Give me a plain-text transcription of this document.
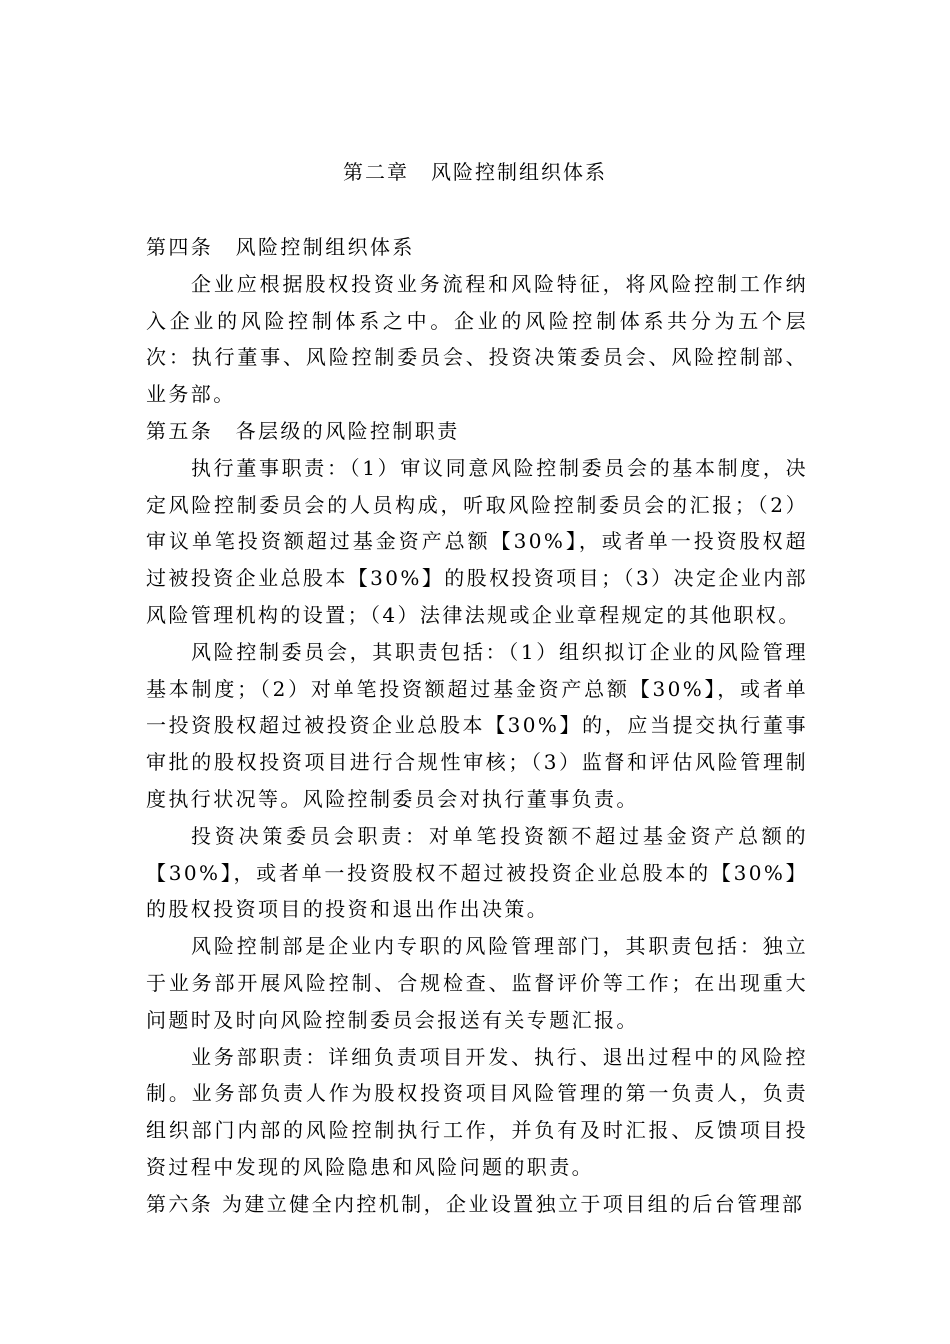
第二章　风险控制组织体系

第四条　风险控制组织体系

企业应根据股权投资业务流程和风险特征，将风险控制工作纳入企业的风险控制体系之中。企业的风险控制体系共分为五个层次：执行董事、风险控制委员会、投资决策委员会、风险控制部、业务部。

第五条　各层级的风险控制职责

执行董事职责：（1）审议同意风险控制委员会的基本制度，决定风险控制委员会的人员构成，听取风险控制委员会的汇报；（2）审议单笔投资额超过基金资产总额【30%】，或者单一投资股权超过被投资企业总股本【30%】的股权投资项目；（3）决定企业内部风险管理机构的设置；（4）法律法规或企业章程规定的其他职权。

风险控制委员会，其职责包括：（1）组织拟订企业的风险管理基本制度；（2）对单笔投资额超过基金资产总额【30%】，或者单一投资股权超过被投资企业总股本【30%】的，应当提交执行董事审批的股权投资项目进行合规性审核；（3）监督和评估风险管理制度执行状况等。风险控制委员会对执行董事负责。

投资决策委员会职责：对单笔投资额不超过基金资产总额的【30%】，或者单一投资股权不超过被投资企业总股本的【30%】的股权投资项目的投资和退出作出决策。

风险控制部是企业内专职的风险管理部门，其职责包括：独立于业务部开展风险控制、合规检查、监督评价等工作；在出现重大问题时及时向风险控制委员会报送有关专题汇报。

业务部职责：详细负责项目开发、执行、退出过程中的风险控制。业务部负责人作为股权投资项目风险管理的第一负责人，负责组织部门内部的风险控制执行工作，并负有及时汇报、反馈项目投资过程中发现的风险隐患和风险问题的职责。

第六条 为建立健全内控机制，企业设置独立于项目组的后台管理部
